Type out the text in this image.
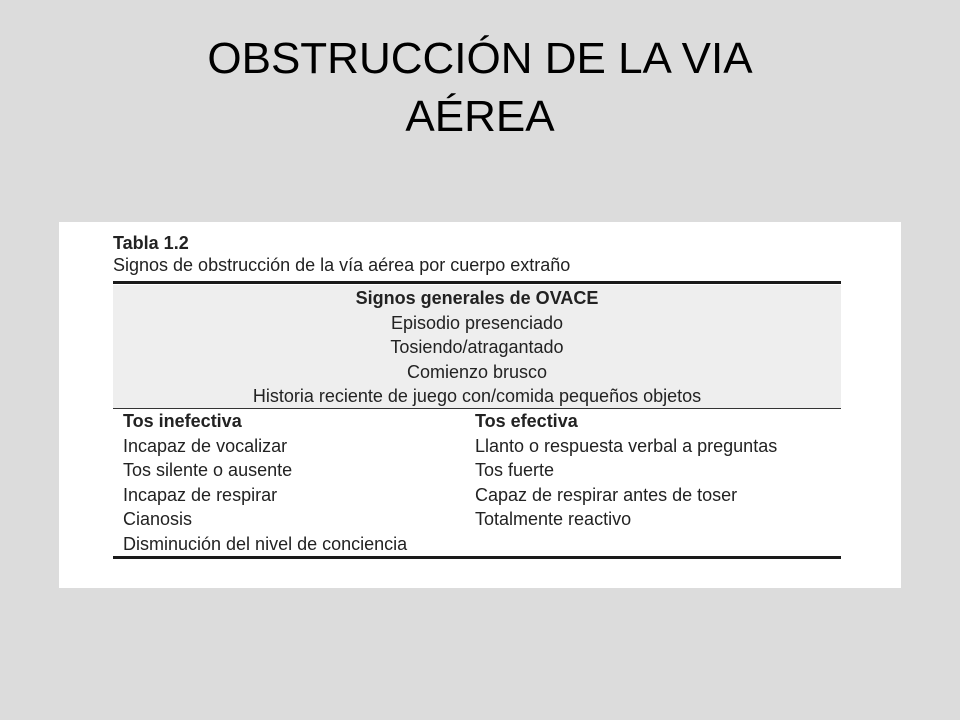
OBSTRUCCIÓN DE LA VIA
AÉREA
Tabla 1.2
Signos de obstrucción de la vía aérea por cuerpo extraño
Signos generales de OVACE
Episodio presenciado
Tosiendo/atragantado
Comienzo brusco
Historia reciente de juego con/comida pequeños objetos
Tos inefectiva
Incapaz de vocalizar
Tos silente o ausente
Incapaz de respirar
Cianosis
Disminución del nivel de conciencia
Tos efectiva
Llanto o respuesta verbal a preguntas
Tos fuerte
Capaz de respirar antes de toser
Totalmente reactivo
